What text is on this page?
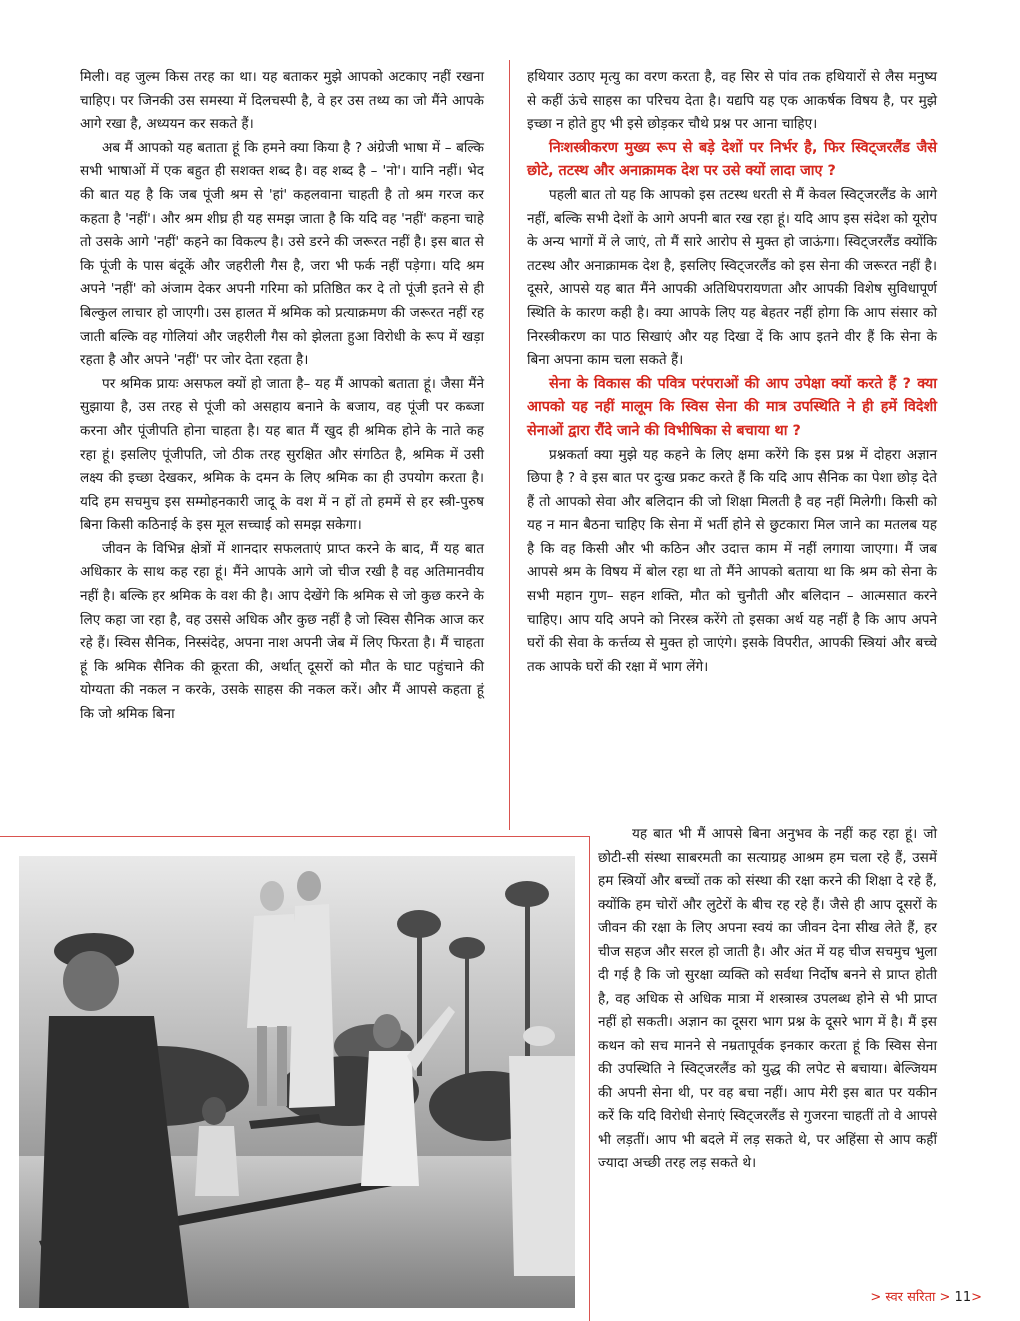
मिली। वह जुल्म किस तरह का था। यह बताकर मुझे आपको अटकाए नहीं रखना चाहिए। पर जिनकी उस समस्या में दिलचस्पी है, वे हर उस तथ्य का जो मैंने आपके आगे रखा है, अध्ययन कर सकते हैं।

अब मैं आपको यह बताता हूं कि हमने क्या किया है ? अंग्रेजी भाषा में – बल्कि सभी भाषाओं में एक बहुत ही सशक्त शब्द है। वह शब्द है – 'नो'। यानि नहीं। भेद की बात यह है कि जब पूंजी श्रम से 'हां' कहलवाना चाहती है तो श्रम गरज कर कहता है 'नहीं'। और श्रम शीघ्र ही यह समझ जाता है कि यदि वह 'नहीं' कहना चाहे तो उसके आगे 'नहीं' कहने का विकल्प है। उसे डरने की जरूरत नहीं है। इस बात से कि पूंजी के पास बंदूकें और जहरीली गैस है, जरा भी फर्क नहीं पड़ेगा। यदि श्रम अपने 'नहीं' को अंजाम देकर अपनी गरिमा को प्रतिष्ठित कर दे तो पूंजी इतने से ही बिल्कुल लाचार हो जाएगी। उस हालत में श्रमिक को प्रत्याक्रमण की जरूरत नहीं रह जाती बल्कि वह गोलियां और जहरीली गैस को झेलता हुआ विरोधी के रूप में खड़ा रहता है और अपने 'नहीं' पर जोर देता रहता है।

पर श्रमिक प्रायः असफल क्यों हो जाता है– यह मैं आपको बताता हूं। जैसा मैंने सुझाया है, उस तरह से पूंजी को असहाय बनाने के बजाय, वह पूंजी पर कब्जा करना और पूंजीपति होना चाहता है। यह बात मैं खुद ही श्रमिक होने के नाते कह रहा हूं। इसलिए पूंजीपति, जो ठीक तरह सुरक्षित और संगठित है, श्रमिक में उसी लक्ष्य की इच्छा देखकर, श्रमिक के दमन के लिए श्रमिक का ही उपयोग करता है। यदि हम सचमुच इस सम्मोहनकारी जादू के वश में न हों तो हममें से हर स्त्री-पुरुष बिना किसी कठिनाई के इस मूल सच्चाई को समझ सकेगा।

जीवन के विभिन्न क्षेत्रों में शानदार सफलताएं प्राप्त करने के बाद, मैं यह बात अधिकार के साथ कह रहा हूं। मैंने आपके आगे जो चीज रखी है वह अतिमानवीय नहीं है। बल्कि हर श्रमिक के वश की है। आप देखेंगे कि श्रमिक से जो कुछ करने के लिए कहा जा रहा है, वह उससे अधिक और कुछ नहीं है जो स्विस सैनिक आज कर रहे हैं। स्विस सैनिक, निस्संदेह, अपना नाश अपनी जेब में लिए फिरता है। मैं चाहता हूं कि श्रमिक सैनिक की क्रूरता की, अर्थात् दूसरों को मौत के घाट पहुंचाने की योग्यता की नकल न करके, उसके साहस की नकल करें। और मैं आपसे कहता हूं कि जो श्रमिक बिना

हथियार उठाए मृत्यु का वरण करता है, वह सिर से पांव तक हथियारों से लैस मनुष्य से कहीं ऊंचे साहस का परिचय देता है। यद्यपि यह एक आकर्षक विषय है, पर मुझे इच्छा न होते हुए भी इसे छोड़कर चौथे प्रश्न पर आना चाहिए।

निःशस्त्रीकरण मुख्य रूप से बड़े देशों पर निर्भर है, फिर स्विट्जरलैंड जैसे छोटे, तटस्थ और अनाक्रामक देश पर उसे क्यों लादा जाए ?

पहली बात तो यह कि आपको इस तटस्थ धरती से मैं केवल स्विट्जरलैंड के आगे नहीं, बल्कि सभी देशों के आगे अपनी बात रख रहा हूं। यदि आप इस संदेश को यूरोप के अन्य भागों में ले जाएं, तो मैं सारे आरोप से मुक्त हो जाऊंगा। स्विट्जरलैंड क्योंकि तटस्थ और अनाक्रामक देश है, इसलिए स्विट्जरलैंड को इस सेना की जरूरत नहीं है। दूसरे, आपसे यह बात मैंने आपकी अतिथिपरायणता और आपकी विशेष सुविधापूर्ण स्थिति के कारण कही है। क्या आपके लिए यह बेहतर नहीं होगा कि आप संसार को निरस्त्रीकरण का पाठ सिखाएं और यह दिखा दें कि आप इतने वीर हैं कि सेना के बिना अपना काम चला सकते हैं।

सेना के विकास की पवित्र परंपराओं की आप उपेक्षा क्यों करते हैं ? क्या आपको यह नहीं मालूम कि स्विस सेना की मात्र उपस्थिति ने ही हमें विदेशी सेनाओं द्वारा रौंदे जाने की विभीषिका से बचाया था ?

प्रश्नकर्ता क्या मुझे यह कहने के लिए क्षमा करेंगे कि इस प्रश्न में दोहरा अज्ञान छिपा है ? वे इस बात पर दुःख प्रकट करते हैं कि यदि आप सैनिक का पेशा छोड़ देते हैं तो आपको सेवा और बलिदान की जो शिक्षा मिलती है वह नहीं मिलेगी। किसी को यह न मान बैठना चाहिए कि सेना में भर्ती होने से छुटकारा मिल जाने का मतलब यह है कि वह किसी और भी कठिन और उदात्त काम में नहीं लगाया जाएगा। मैं जब आपसे श्रम के विषय में बोल रहा था तो मैंने आपको बताया था कि श्रम को सेना के सभी महान गुण– सहन शक्ति, मौत को चुनौती और बलिदान – आत्मसात करने चाहिए। आप यदि अपने को निरस्त्र करेंगे तो इसका अर्थ यह नहीं है कि आप अपने घरों की सेवा के कर्त्तव्य से मुक्त हो जाएंगे। इसके विपरीत, आपकी स्त्रियां और बच्चे तक आपके घरों की रक्षा में भाग लेंगे।

यह बात भी मैं आपसे बिना अनुभव के नहीं कह रहा हूं। जो छोटी-सी संस्था साबरमती का सत्याग्रह आश्रम हम चला रहे हैं, उसमें हम स्त्रियों और बच्चों तक को संस्था की रक्षा करने की शिक्षा दे रहे हैं, क्योंकि हम चोरों और लुटेरों के बीच रह रहे हैं। जैसे ही आप दूसरों के जीवन की रक्षा के लिए अपना स्वयं का जीवन देना सीख लेते हैं, हर चीज सहज और सरल हो जाती है। और अंत में यह चीज सचमुच भुला दी गई है कि जो सुरक्षा व्यक्ति को सर्वथा निर्दोष बनने से प्राप्त होती है, वह अधिक से अधिक मात्रा में शस्त्रास्त्र उपलब्ध होने से भी प्राप्त नहीं हो सकती। अज्ञान का दूसरा भाग प्रश्न के दूसरे भाग में है। मैं इस कथन को सच मानने से नम्रतापूर्वक इनकार करता हूं कि स्विस सेना की उपस्थिति ने स्विट्जरलैंड को युद्ध की लपेट से बचाया। बेल्जियम की अपनी सेना थी, पर वह बचा नहीं। आप मेरी इस बात पर यकीन करें कि यदि विरोधी सेनाएं स्विट्जरलैंड से गुजरना चाहतीं तो वे आपसे भी लड़तीं। आप भी बदले में लड़ सकते थे, पर अहिंसा से आप कहीं ज्यादा अच्छी तरह लड़ सकते थे।

> स्वर सरिता > 11>
